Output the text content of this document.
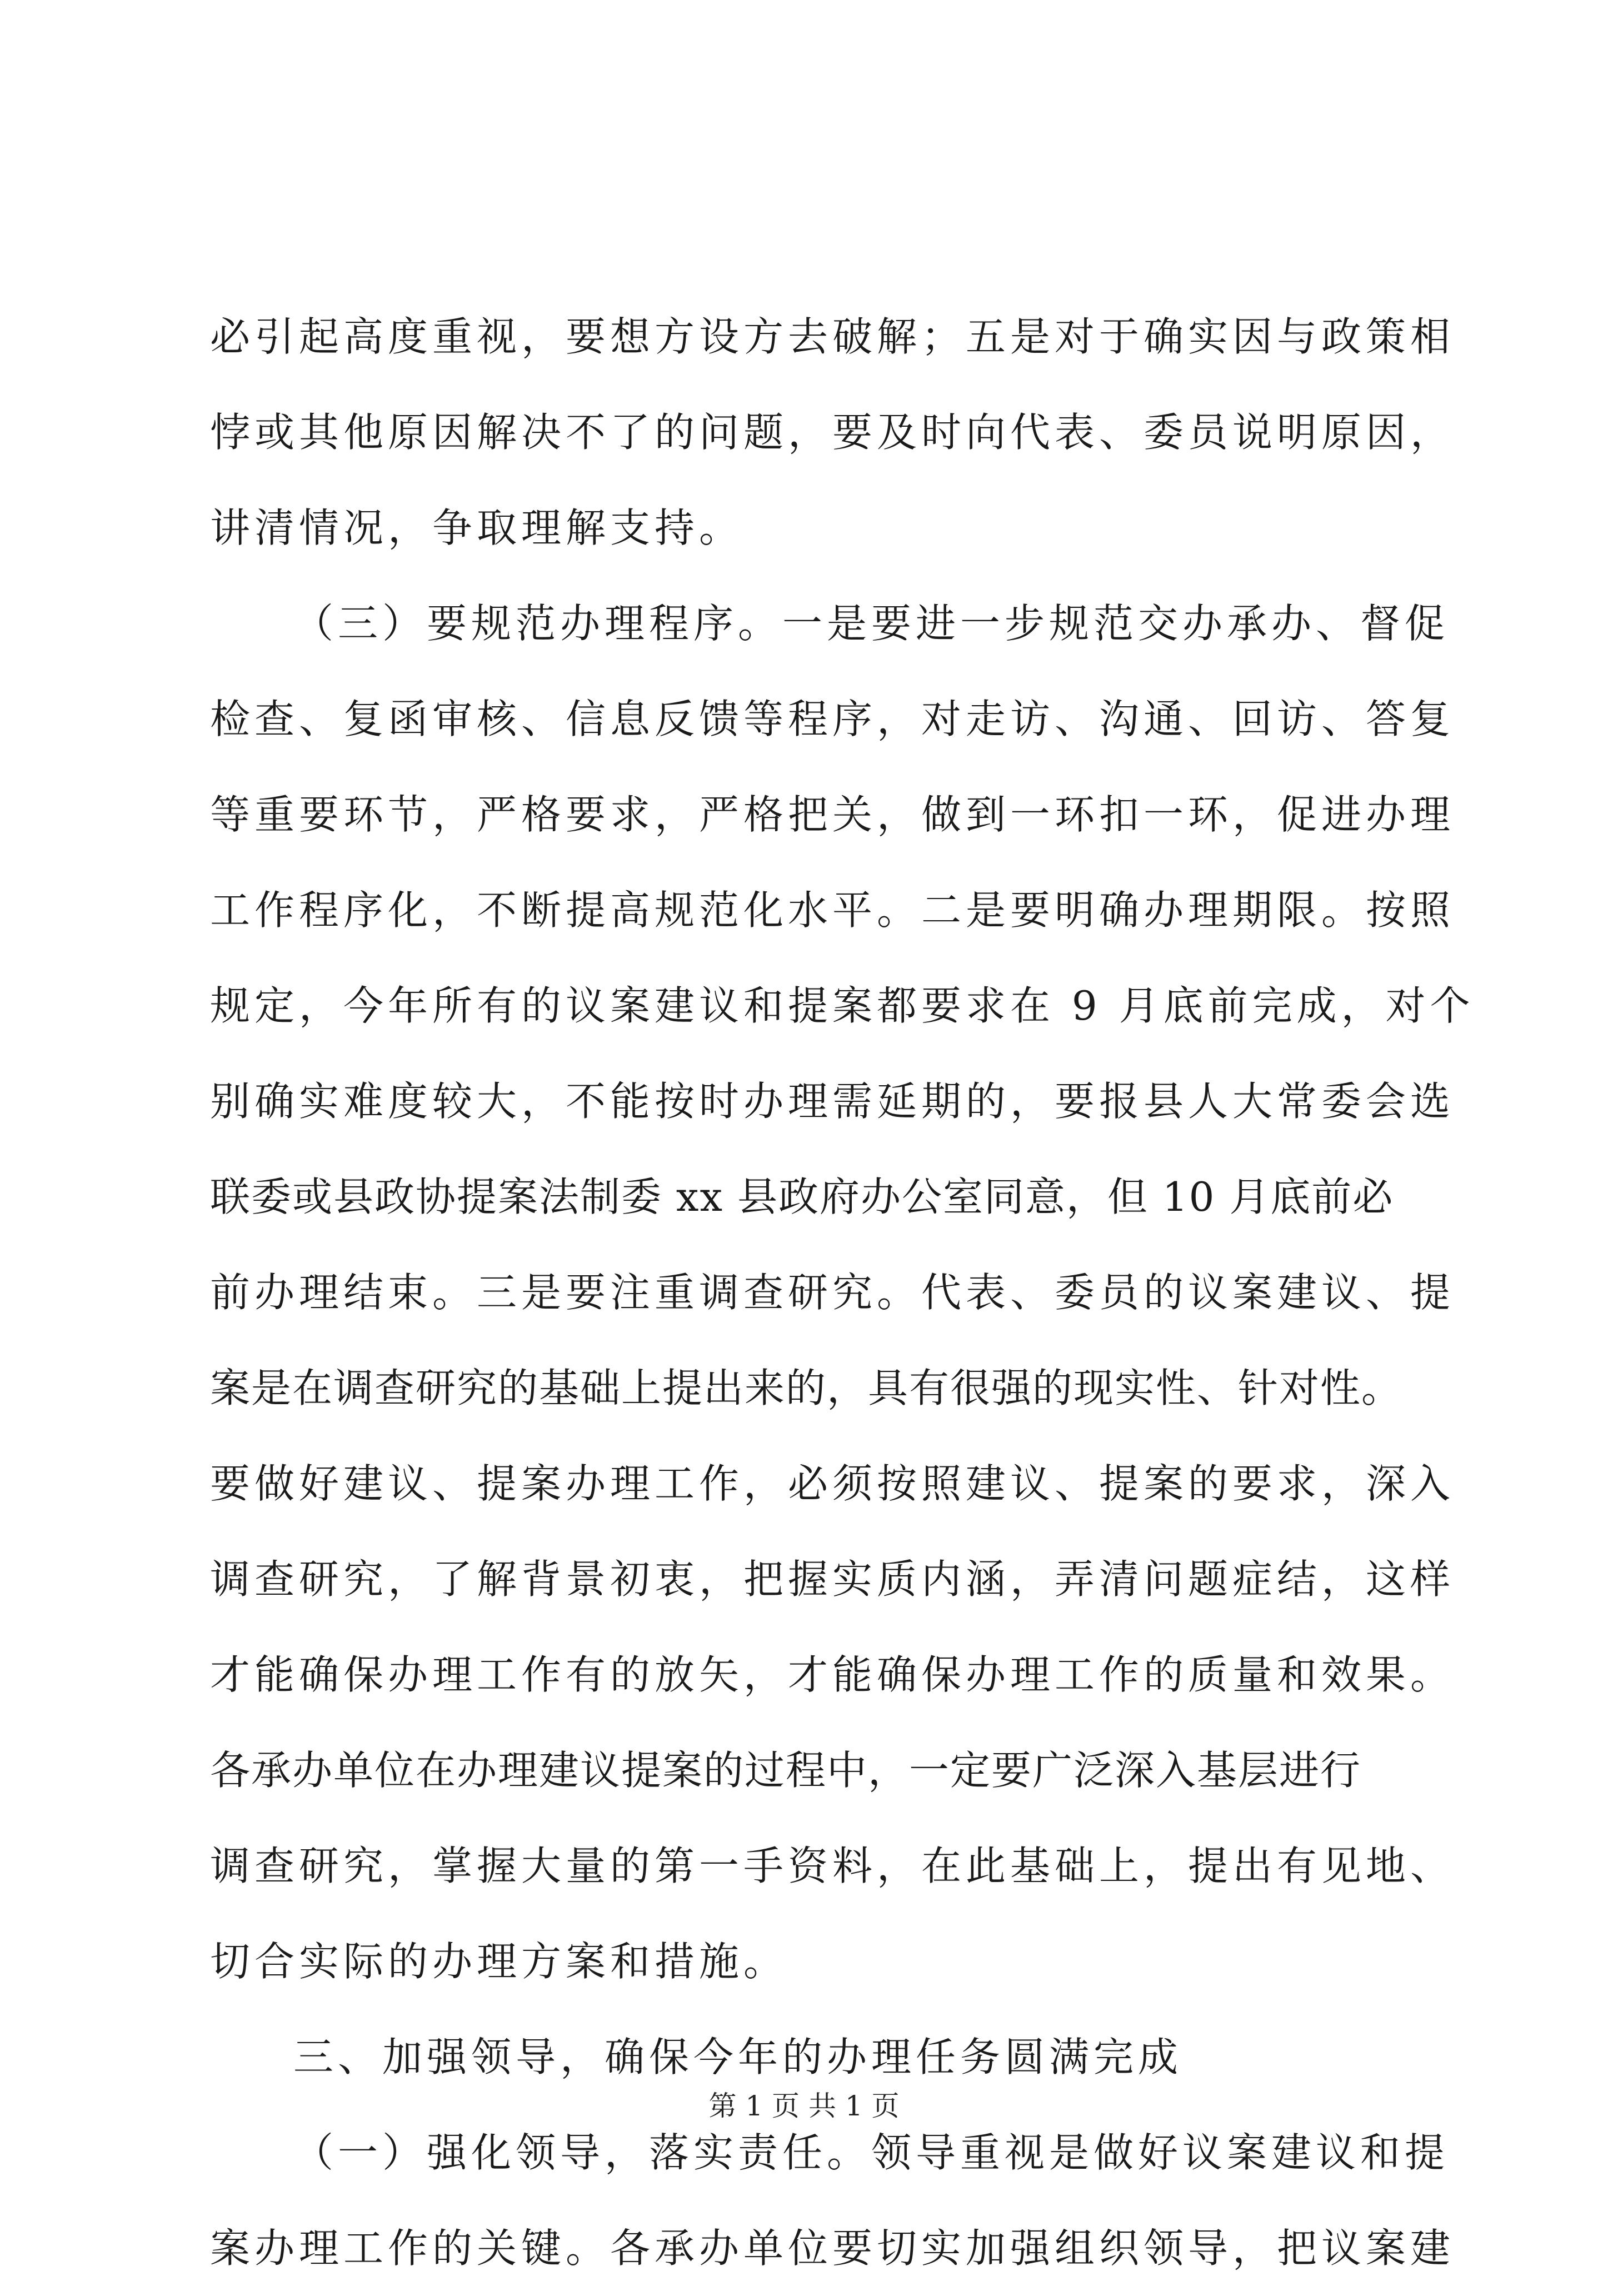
必引起高度重视，要想方设方去破解；五是对于确实因与政策相
悖或其他原因解决不了的问题，要及时向代表、委员说明原因，
讲清情况，争取理解支持。
（三）要规范办理程序。一是要进一步规范交办承办、督促
检查、复函审核、信息反馈等程序，对走访、沟通、回访、答复
等重要环节，严格要求，严格把关，做到一环扣一环，促进办理
工作程序化，不断提高规范化水平。二是要明确办理期限。按照
规定，今年所有的议案建议和提案都要求在 9 月底前完成，对个
别确实难度较大，不能按时办理需延期的，要报县人大常委会选
联委或县政协提案法制委 xx 县政府办公室同意，但 10 月底前必
前办理结束。三是要注重调查研究。代表、委员的议案建议、提
案是在调查研究的基础上提出来的，具有很强的现实性、针对性。
要做好建议、提案办理工作，必须按照建议、提案的要求，深入
调查研究，了解背景初衷，把握实质内涵，弄清问题症结，这样
才能确保办理工作有的放矢，才能确保办理工作的质量和效果。
各承办单位在办理建议提案的过程中，一定要广泛深入基层进行
调查研究，掌握大量的第一手资料，在此基础上，提出有见地、
切合实际的办理方案和措施。
三、加强领导，确保今年的办理任务圆满完成
（一）强化领导，落实责任。领导重视是做好议案建议和提
案办理工作的关键。各承办单位要切实加强组织领导，把议案建
第 1 页 共 1 页
